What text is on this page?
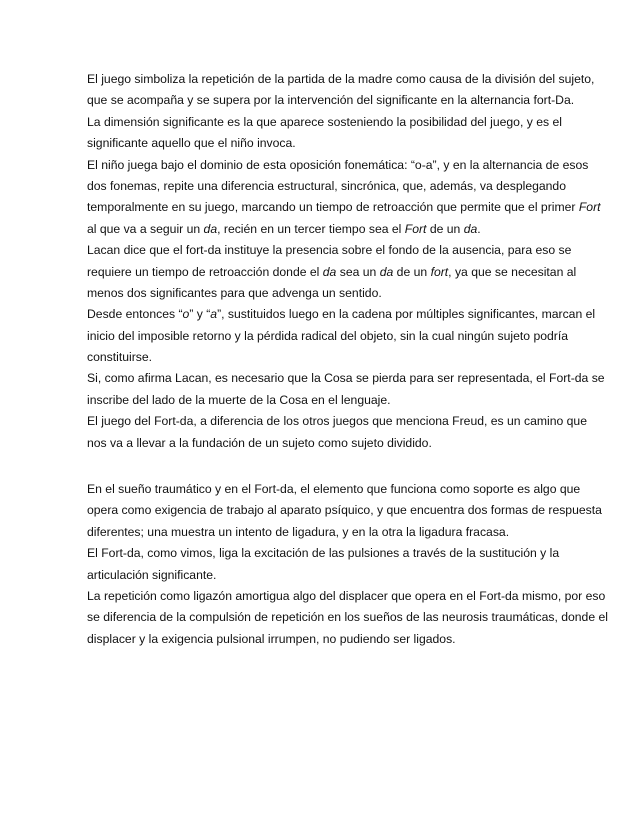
El juego simboliza la repetición de la partida de la madre como causa de la división del sujeto,
que se acompaña y se supera por la intervención del significante en la alternancia fort-Da.
La dimensión significante es la que aparece sosteniendo la posibilidad del juego, y es el
significante aquello que el niño invoca.
El niño juega bajo el dominio de esta oposición fonemática: “o-a”, y en la alternancia de esos
dos fonemas, repite una diferencia estructural, sincrónica, que, además, va desplegando
temporalmente en su juego, marcando un tiempo de retroacción que permite que el primer Fort
al que va a seguir un da, recién en un tercer tiempo sea el Fort de un da.
Lacan dice que el fort-da instituye la presencia sobre el fondo de la ausencia, para eso se
requiere un tiempo de retroacción donde el da sea un da de un fort, ya que se necesitan al
menos dos significantes para que advenga un sentido.
Desde entonces “o” y “a”, sustituidos luego en la cadena por múltiples significantes, marcan el
inicio del imposible retorno y la pérdida radical del objeto, sin la cual ningún sujeto podría
constituirse.
Si, como afirma Lacan, es necesario que la Cosa se pierda para ser representada, el Fort-da se
inscribe del lado de la muerte de la Cosa en el lenguaje.
El juego del Fort-da, a diferencia de los otros juegos que menciona Freud, es un camino que
nos va a llevar a la fundación de un sujeto como sujeto dividido.
En el sueño traumático y en el Fort-da, el elemento que funciona como soporte es algo que
opera como exigencia de trabajo al aparato psíquico, y que encuentra dos formas de respuesta
diferentes; una muestra un intento de ligadura, y en la otra la ligadura fracasa.
El Fort-da, como vimos, liga la excitación de las pulsiones a través de la sustitución y la
articulación significante.
La repetición como ligazón amortigua algo del displacer que opera en el Fort-da mismo, por eso
se diferencia de la compulsión de repetición en los sueños de las neurosis traumáticas, donde el
displacer y la exigencia pulsional irrumpen, no pudiendo ser ligados.
